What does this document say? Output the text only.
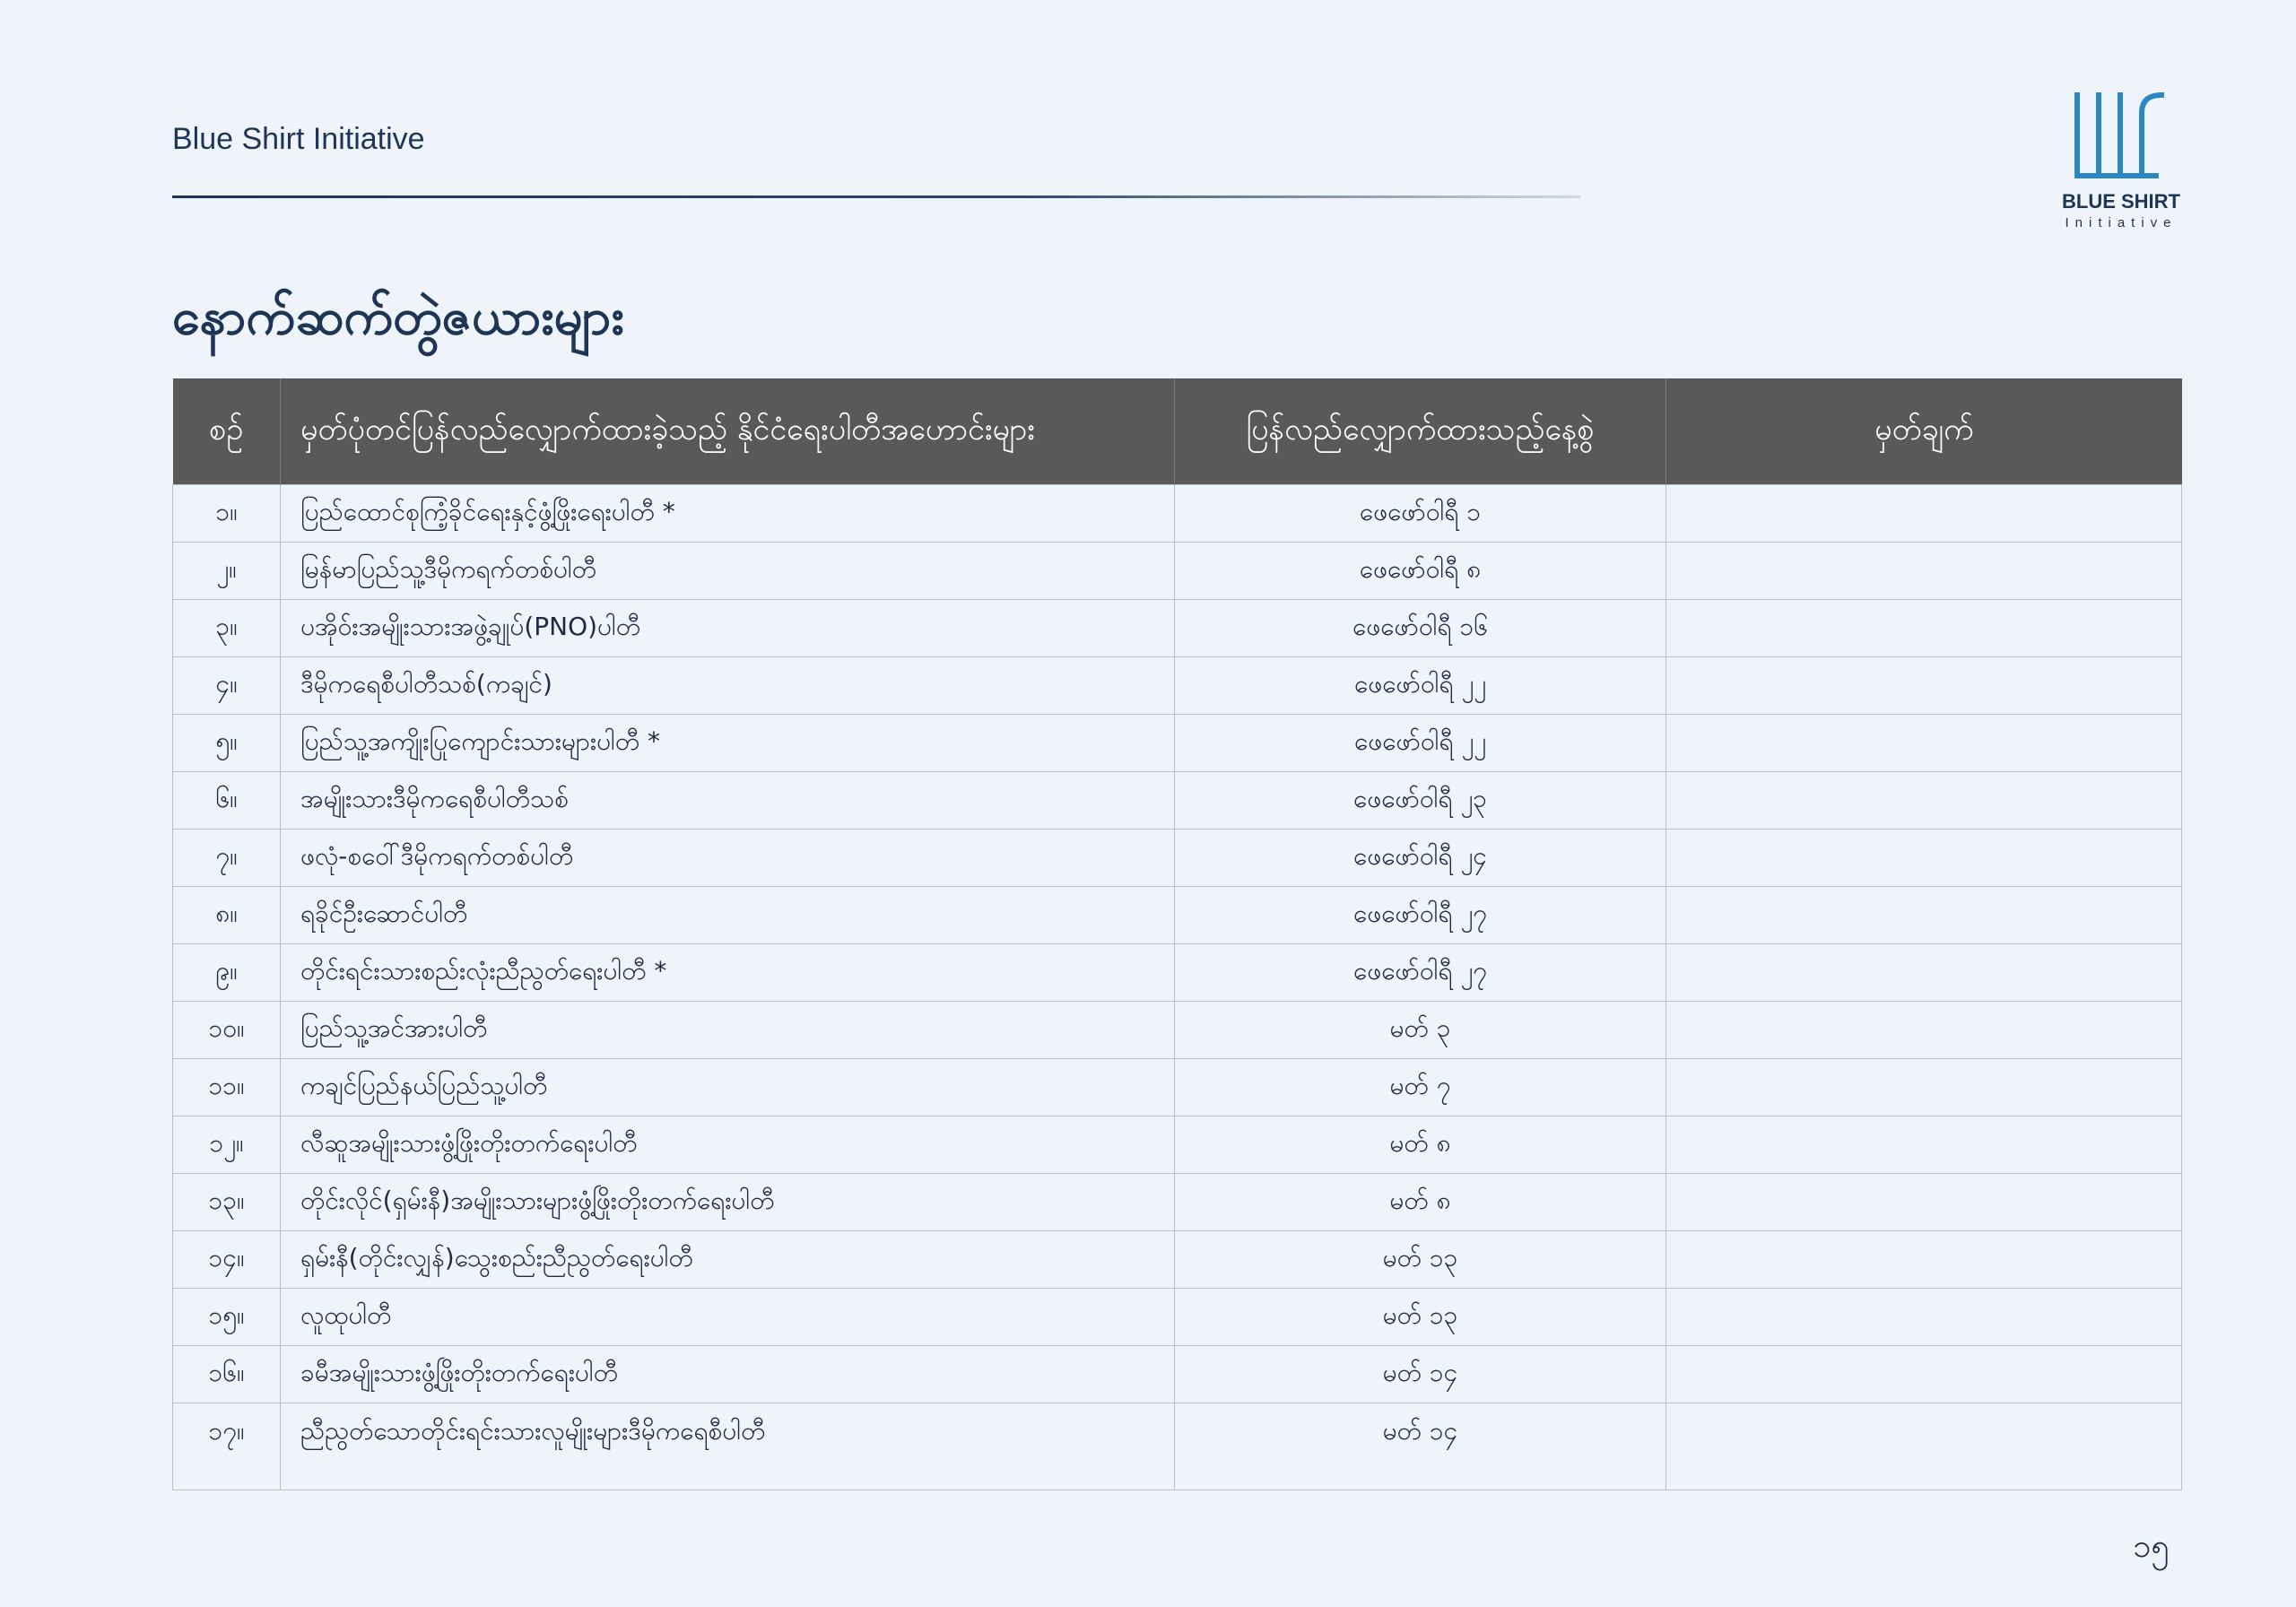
Blue Shirt Initiative
BLUE SHIRT
Initiative
နောက်ဆက်တွဲဇယားများ
စဉ်	မှတ်ပုံတင်ပြန်လည်လျှောက်ထားခဲ့သည့် နိုင်ငံရေးပါတီအဟောင်းများ	ပြန်လည်လျှောက်ထားသည့်နေ့စွဲ	မှတ်ချက်
၁။	ပြည်ထောင်စုကြံ့ခိုင်ရေးနှင့်ဖွံ့ဖြိုးရေးပါတီ *	ဖေဖော်ဝါရီ ၁	
၂။	မြန်မာပြည်သူ့ဒီမိုကရက်တစ်ပါတီ	ဖေဖော်ဝါရီ ၈	
၃။	ပအိုဝ်းအမျိုးသားအဖွဲ့ချုပ်(PNO)ပါတီ	ဖေဖော်ဝါရီ ၁၆	
၄။	ဒီမိုကရေစီပါတီသစ်(ကချင်)	ဖေဖော်ဝါရီ ၂၂	
၅။	ပြည်သူ့အကျိုးပြုကျောင်းသားများပါတီ *	ဖေဖော်ဝါရီ ၂၂	
၆။	အမျိုးသားဒီမိုကရေစီပါတီသစ်	ဖေဖော်ဝါရီ ၂၃	
၇။	ဖလုံ-စဝေါ်ဒီမိုကရက်တစ်ပါတီ	ဖေဖော်ဝါရီ ၂၄	
၈။	ရခိုင်ဦးဆောင်ပါတီ	ဖေဖော်ဝါရီ ၂၇	
၉။	တိုင်းရင်းသားစည်းလုံးညီညွတ်ရေးပါတီ *	ဖေဖော်ဝါရီ ၂၇	
၁၀။	ပြည်သူ့အင်အားပါတီ	မတ် ၃	
၁၁။	ကချင်ပြည်နယ်ပြည်သူ့ပါတီ	မတ် ၇	
၁၂။	လီဆူအမျိုးသားဖွံ့ဖြိုးတိုးတက်ရေးပါတီ	မတ် ၈	
၁၃။	တိုင်းလိုင်(ရှမ်းနီ)အမျိုးသားများဖွံ့ဖြိုးတိုးတက်ရေးပါတီ	မတ် ၈	
၁၄။	ရှမ်းနီ(တိုင်းလျှန်)သွေးစည်းညီညွတ်ရေးပါတီ	မတ် ၁၃	
၁၅။	လူထုပါတီ	မတ် ၁၃	
၁၆။	ခမီအမျိုးသားဖွံ့ဖြိုးတိုးတက်ရေးပါတီ	မတ် ၁၄	
၁၇။	ညီညွတ်သောတိုင်းရင်းသားလူမျိုးများဒီမိုကရေစီပါတီ	မတ် ၁၄	
၁၅
